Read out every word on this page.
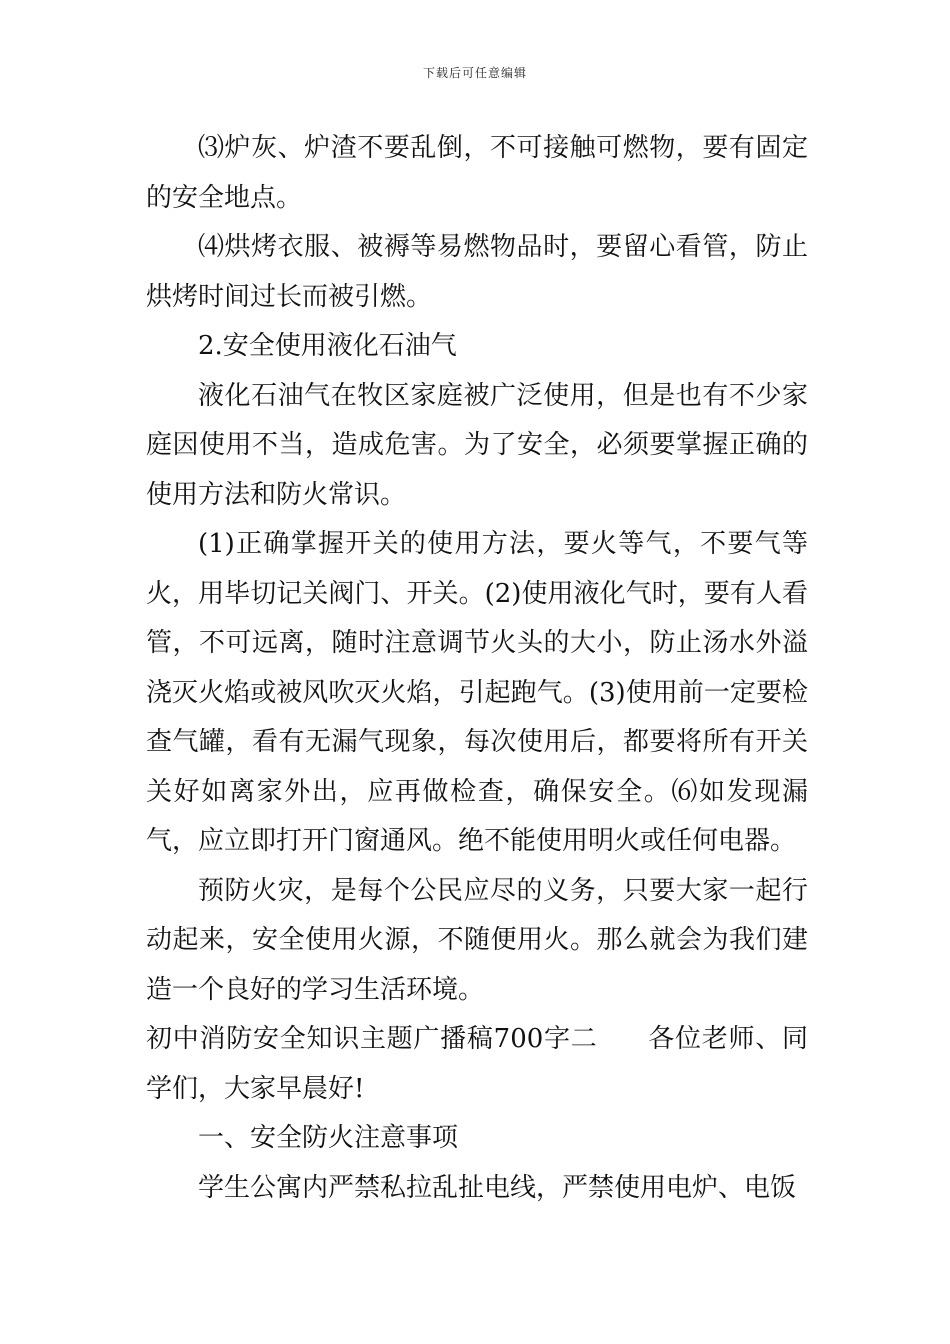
下载后可任意编辑

⑶炉灰、炉渣不要乱倒，不可接触可燃物，要有固定的安全地点。

⑷烘烤衣服、被褥等易燃物品时，要留心看管，防止烘烤时间过长而被引燃。

2.安全使用液化石油气

液化石油气在牧区家庭被广泛使用，但是也有不少家庭因使用不当，造成危害。为了安全，必须要掌握正确的使用方法和防火常识。

(1)正确掌握开关的使用方法，要火等气，不要气等火，用毕切记关阀门、开关。(2)使用液化气时，要有人看管，不可远离，随时注意调节火头的大小，防止汤水外溢浇灭火焰或被风吹灭火焰，引起跑气。(3)使用前一定要检查气罐，看有无漏气现象，每次使用后，都要将所有开关关好如离家外出，应再做检查，确保安全。⑹如发现漏气，应立即打开门窗通风。绝不能使用明火或任何电器。

预防火灾，是每个公民应尽的义务，只要大家一起行动起来，安全使用火源，不随便用火。那么就会为我们建造一个良好的学习生活环境。

初中消防安全知识主题广播稿700字二 各位老师、同学们，大家早晨好!

一、安全防火注意事项

学生公寓内严禁私拉乱扯电线，严禁使用电炉、电饭
